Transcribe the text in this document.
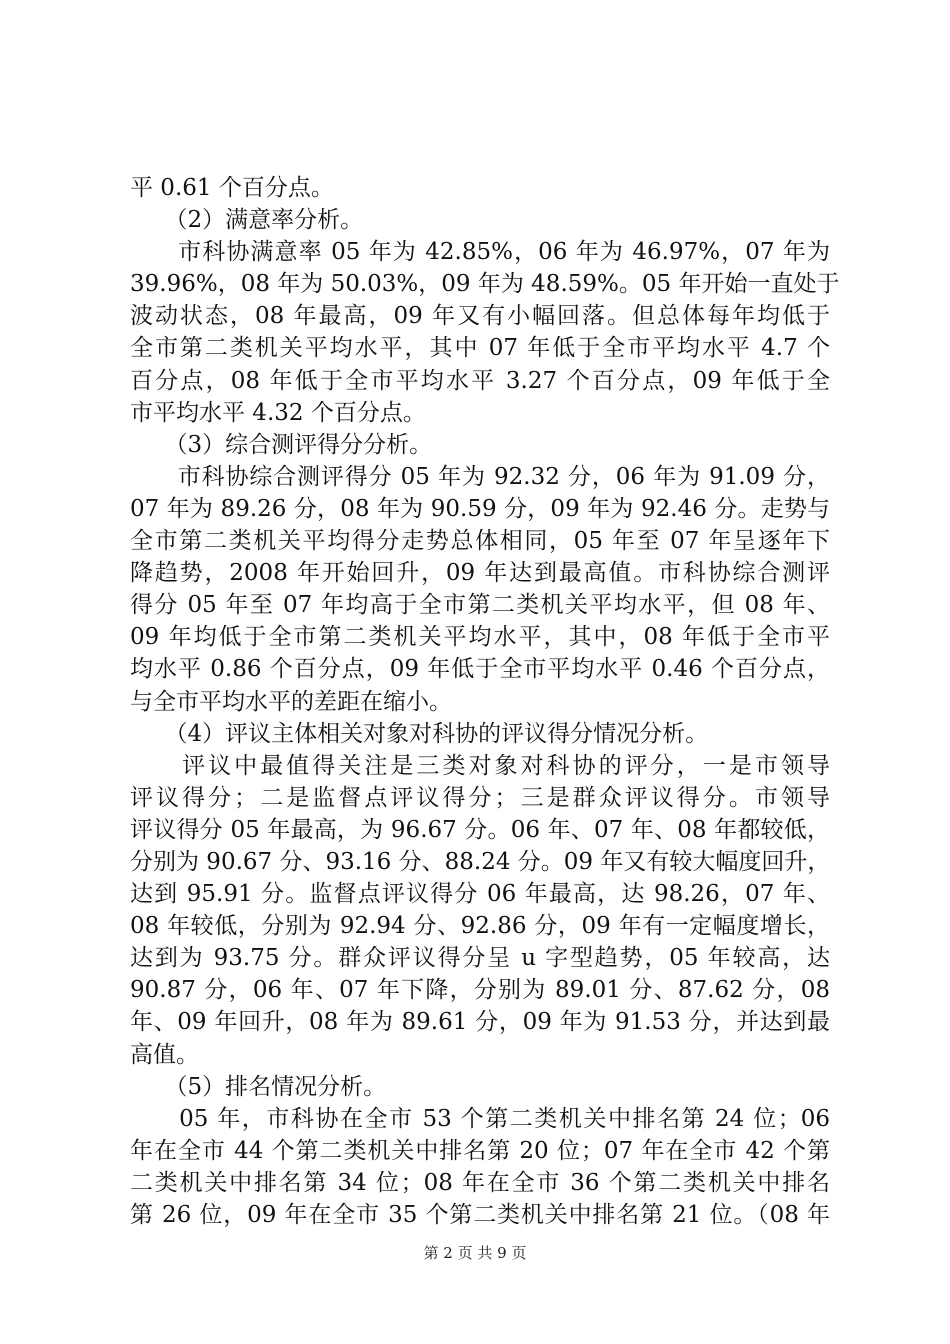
平 0.61 个百分点。
　　（2）满意率分析。
　　市科协满意率 05 年为 42.85%，06 年为 46.97%，07 年为
39.96%，08 年为 50.03%，09 年为 48.59%。05 年开始一直处于
波动状态，08 年最高，09 年又有小幅回落。但总体每年均低于
全市第二类机关平均水平，其中 07 年低于全市平均水平 4.7 个
百分点，08 年低于全市平均水平 3.27 个百分点，09 年低于全
市平均水平 4.32 个百分点。
　　（3）综合测评得分分析。
　　市科协综合测评得分 05 年为 92.32 分，06 年为 91.09 分，
07 年为 89.26 分，08 年为 90.59 分，09 年为 92.46 分。走势与
全市第二类机关平均得分走势总体相同，05 年至 07 年呈逐年下
降趋势，2008 年开始回升，09 年达到最高值。市科协综合测评
得分 05 年至 07 年均高于全市第二类机关平均水平，但 08 年、
09 年均低于全市第二类机关平均水平，其中，08 年低于全市平
均水平 0.86 个百分点，09 年低于全市平均水平 0.46 个百分点，
与全市平均水平的差距在缩小。
　　（4）评议主体相关对象对科协的评议得分情况分析。
　　评议中最值得关注是三类对象对科协的评分，一是市领导
评议得分；二是监督点评议得分；三是群众评议得分。市领导
评议得分 05 年最高，为 96.67 分。06 年、07 年、08 年都较低，
分别为 90.67 分、93.16 分、88.24 分。09 年又有较大幅度回升，
达到 95.91 分。监督点评议得分 06 年最高，达 98.26，07 年、
08 年较低，分别为 92.94 分、92.86 分，09 年有一定幅度增长，
达到为 93.75 分。群众评议得分呈 u 字型趋势，05 年较高，达
90.87 分，06 年、07 年下降，分别为 89.01 分、87.62 分，08
年、09 年回升，08 年为 89.61 分，09 年为 91.53 分，并达到最
高值。
　　（5）排名情况分析。
　　05 年，市科协在全市 53 个第二类机关中排名第 24 位；06
年在全市 44 个第二类机关中排名第 20 位；07 年在全市 42 个第
二类机关中排名第 34 位；08 年在全市 36 个第二类机关中排名
第 26 位，09 年在全市 35 个第二类机关中排名第 21 位。（08 年
第 2 页 共 9 页
